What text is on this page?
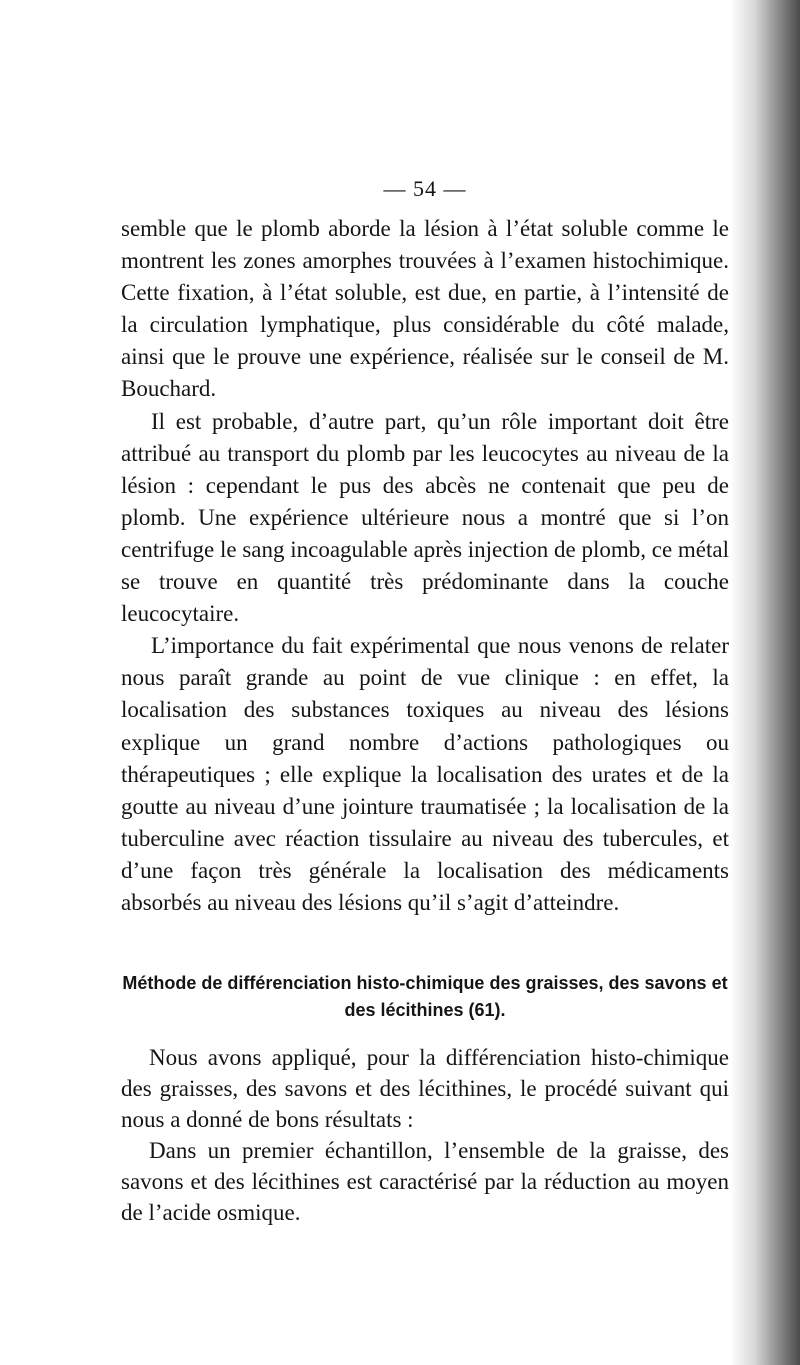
— 54 —

semble que le plomb aborde la lésion à l’état soluble comme le montrent les zones amorphes trouvées à l’examen histochimique. Cette fixation, à l’état soluble, est due, en partie, à l’intensité de la circulation lymphatique, plus considérable du côté malade, ainsi que le prouve une expérience, réalisée sur le conseil de M. Bouchard.

Il est probable, d’autre part, qu’un rôle important doit être attribué au transport du plomb par les leucocytes au niveau de la lésion : cependant le pus des abcès ne contenait que peu de plomb. Une expérience ultérieure nous a montré que si l’on centrifuge le sang incoagulable après injection de plomb, ce métal se trouve en quantité très prédominante dans la couche leucocytaire.

L’importance du fait expérimental que nous venons de relater nous paraît grande au point de vue clinique : en effet, la localisation des substances toxiques au niveau des lésions explique un grand nombre d’actions pathologiques ou thérapeutiques ; elle explique la localisation des urates et de la goutte au niveau d’une jointure traumatisée ; la localisation de la tuberculine avec réaction tissulaire au niveau des tubercules, et d’une façon très générale la localisation des médicaments absorbés au niveau des lésions qu’il s’agit d’atteindre.

Méthode de différenciation histo-chimique des graisses, des savons et des lécithines (61).

Nous avons appliqué, pour la différenciation histo-chimique des graisses, des savons et des lécithines, le procédé suivant qui nous a donné de bons résultats :

Dans un premier échantillon, l’ensemble de la graisse, des savons et des lécithines est caractérisé par la réduction au moyen de l’acide osmique.
